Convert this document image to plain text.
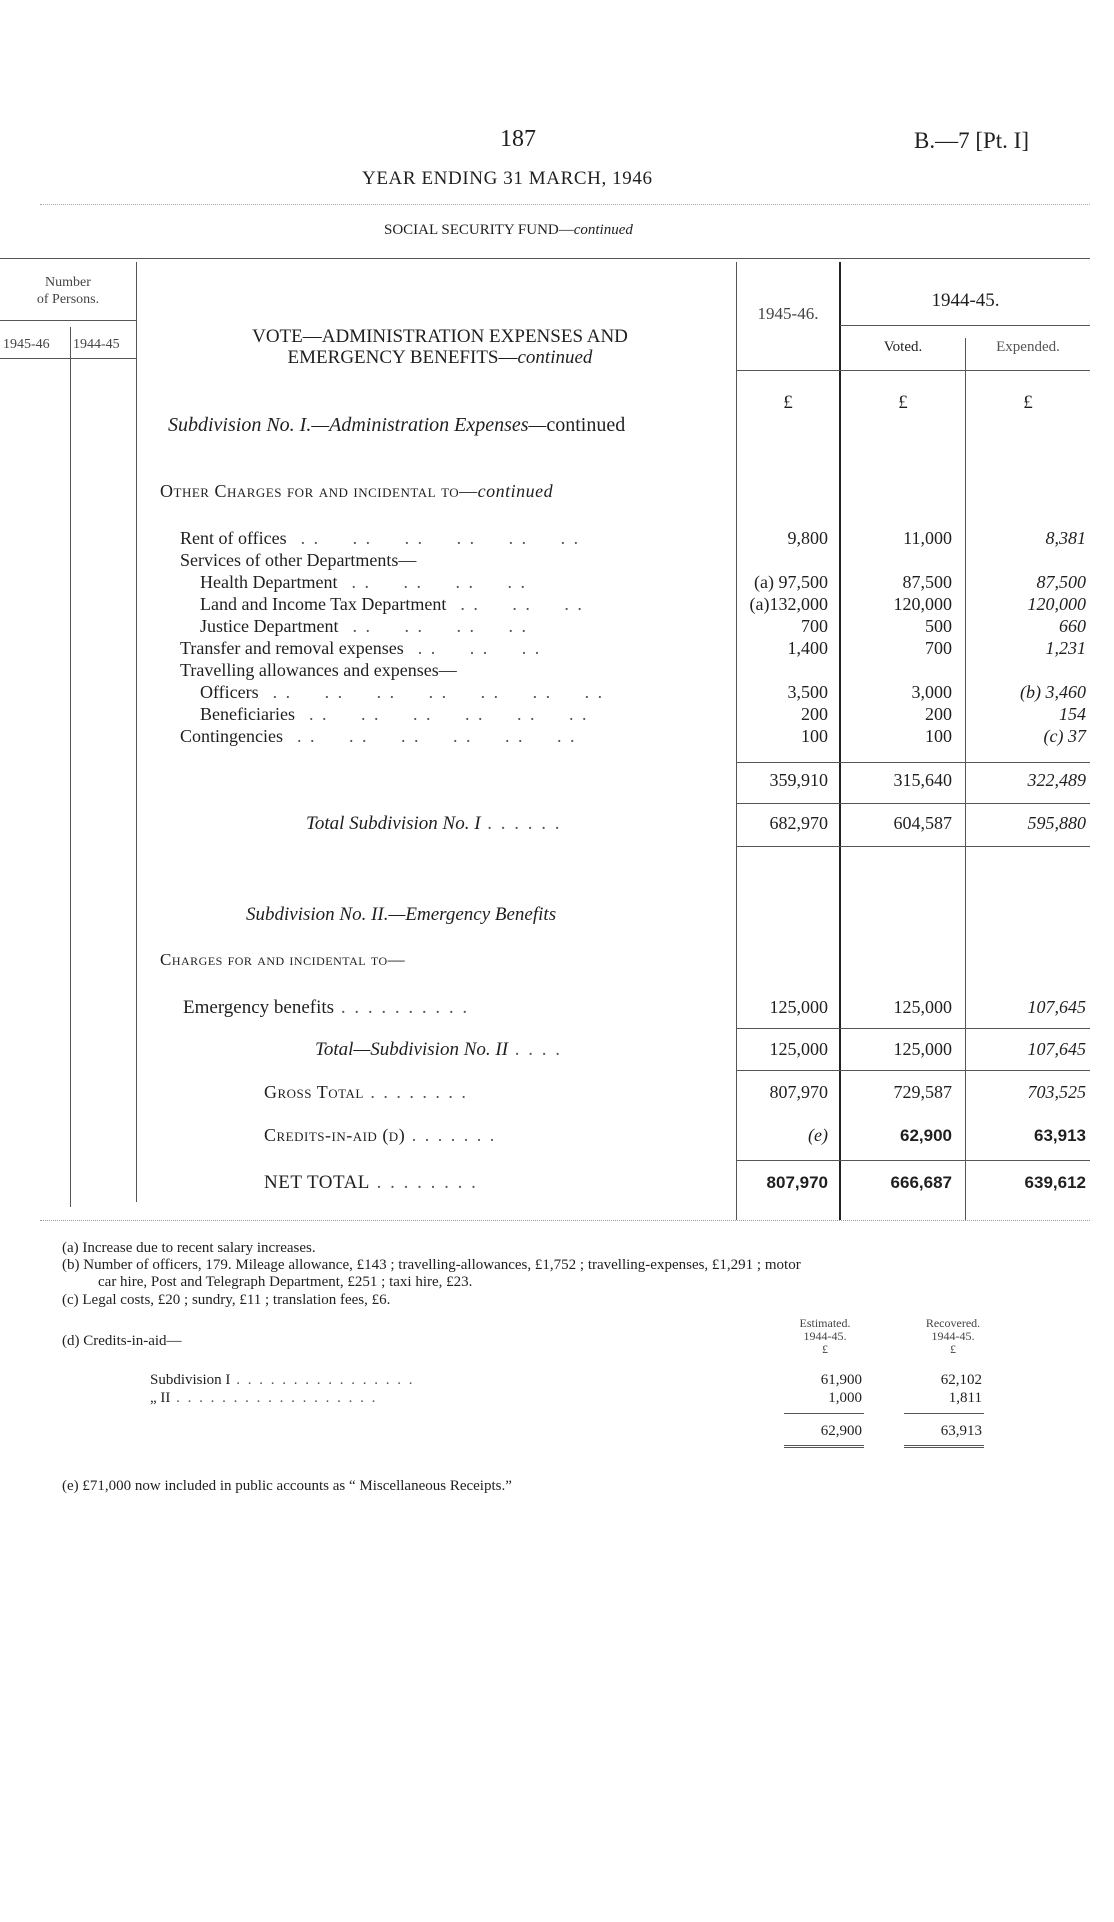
187	B.—7 [Pt. I]
YEAR ENDING 31 MARCH, 1946
SOCIAL SECURITY FUND—continued
Number
of Persons.
1945-46 1944-45	VOTE—ADMINISTRATION EXPENSES AND
EMERGENCY BENEFITS—continued
1945-46.
1944-45.
Voted.	Expended.
£	£	£
Subdivision No. I.—Administration Expenses—continued
Other Charges for and incidental to—continued
Rent of offices . .     . .     . .     . .     . .     . .	9,800	11,000	8,381
Services of other Departments—
Health Department . .     . .     . .     . .	(a) 97,500	87,500	87,500
Land and Income Tax Department . .     . .     . .	(a)132,000	120,000	120,000
Justice Department . .     . .     . .     . .	700	500	660
Transfer and removal expenses . .     . .     . .	1,400	700	1,231
Travelling allowances and expenses—
Officers . .     . .     . .     . .     . .     . .     . .	3,500	3,000	(b) 3,460
Beneficiaries . .     . .     . .     . .     . .     . .	200	200	154
Contingencies . .     . .     . .     . .     . .     . .	100	100	(c) 37
359,910	315,640	322,489
Total Subdivision No. I . . . . . .	682,970	604,587	595,880
Subdivision No. II.—Emergency Benefits
Charges for and incidental to—
Emergency benefits . . . . . . . . . .	125,000	125,000	107,645
Total—Subdivision No. II . . . .	125,000	125,000	107,645
Gross Total . . . . . . . .	807,970	729,587	703,525
Credits-in-aid (d) . . . . . . .	(e)	62,900	63,913
NET TOTAL . . . . . . . .	807,970	666,687	639,612
(a) Increase due to recent salary increases.
(b) Number of officers, 179. Mileage allowance, £143 ; travelling-allowances, £1,752 ; travelling-expenses, £1,291 ; motor
car hire, Post and Telegraph Department, £251 ; taxi hire, £23.
(c) Legal costs, £20 ; sundry, £11 ; translation fees, £6.
(d) Credits-in-aid—
Estimated.
1944-45.
£
Recovered.
1944-45.
£
Subdivision I . . . . . . . . . . . . . . . .	61,900	62,102
„ II . . . . . . . . . . . . . . . . . .	1,000	1,811
62,900	63,913
(e) £71,000 now included in public accounts as “ Miscellaneous Receipts.”
